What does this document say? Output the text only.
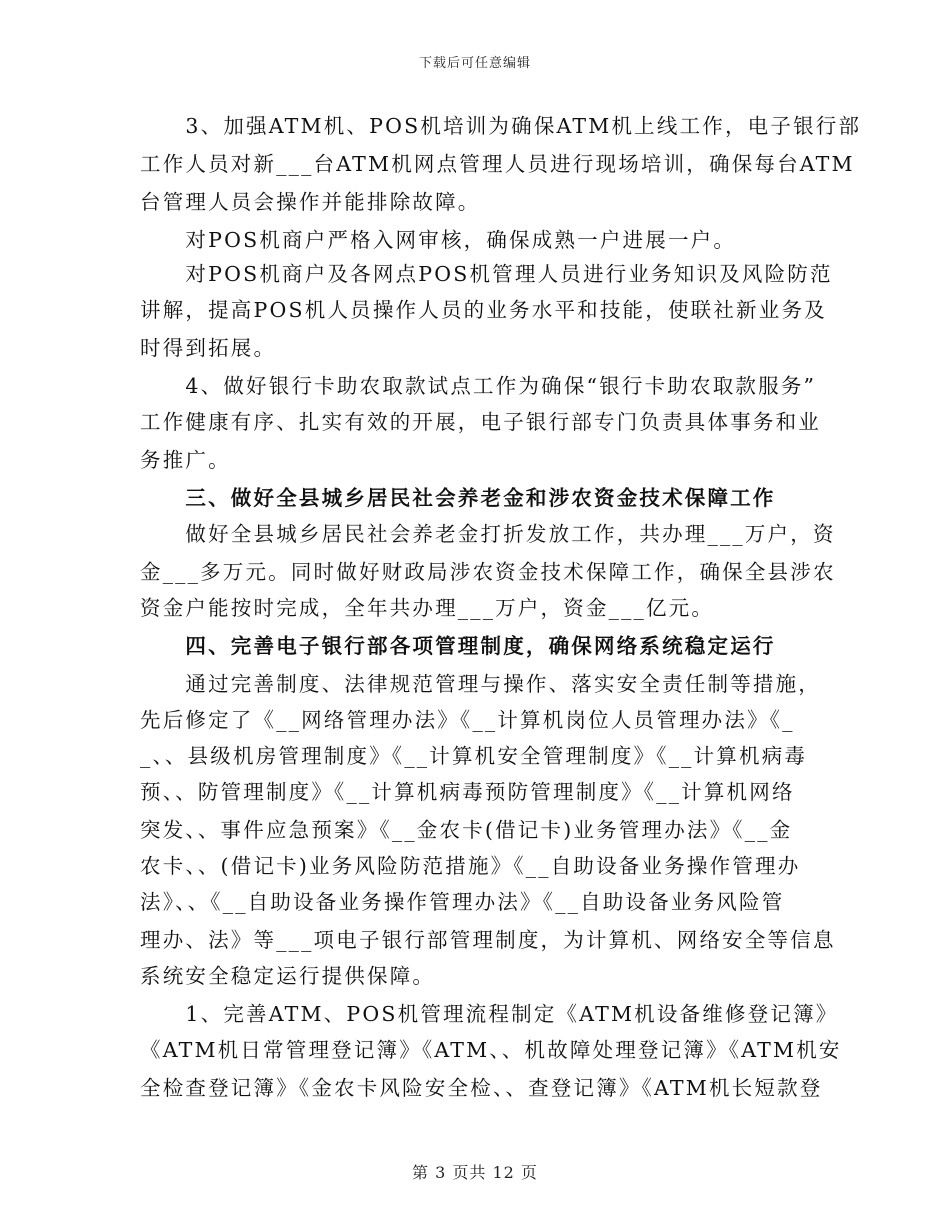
下载后可任意编辑
　　3、加强ATM机、POS机培训为确保ATM机上线工作，电子银行部
工作人员对新___台ATM机网点管理人员进行现场培训，确保每台ATM
台管理人员会操作并能排除故障。
　　对POS机商户严格入网审核，确保成熟一户进展一户。
　　对POS机商户及各网点POS机管理人员进行业务知识及风险防范
讲解，提高POS机人员操作人员的业务水平和技能，使联社新业务及
时得到拓展。
　　4、做好银行卡助农取款试点工作为确保“银行卡助农取款服务”
工作健康有序、扎实有效的开展，电子银行部专门负责具体事务和业
务推广。
　　三、做好全县城乡居民社会养老金和涉农资金技术保障工作
　　做好全县城乡居民社会养老金打折发放工作，共办理___万户，资
金___多万元。同时做好财政局涉农资金技术保障工作，确保全县涉农
资金户能按时完成，全年共办理___万户，资金___亿元。
　　四、完善电子银行部各项管理制度，确保网络系统稳定运行
　　通过完善制度、法律规范管理与操作、落实安全责任制等措施，
先后修定了《__网络管理办法》《__计算机岗位人员管理办法》《_
_、、县级机房管理制度》《__计算机安全管理制度》《__计算机病毒
预、、防管理制度》《__计算机病毒预防管理制度》《__计算机网络
突发、、事件应急预案》《__金农卡(借记卡)业务管理办法》《__金
农卡、、(借记卡)业务风险防范措施》《__自助设备业务操作管理办
法》、、《__自助设备业务操作管理办法》《__自助设备业务风险管
理办、法》等___项电子银行部管理制度，为计算机、网络安全等信息
系统安全稳定运行提供保障。
　　1、完善ATM、POS机管理流程制定《ATM机设备维修登记簿》
《ATM机日常管理登记簿》《ATM、、机故障处理登记簿》《ATM机安
全检查登记簿》《金农卡风险安全检、、查登记簿》《ATM机长短款登
第 3 页共 12 页
